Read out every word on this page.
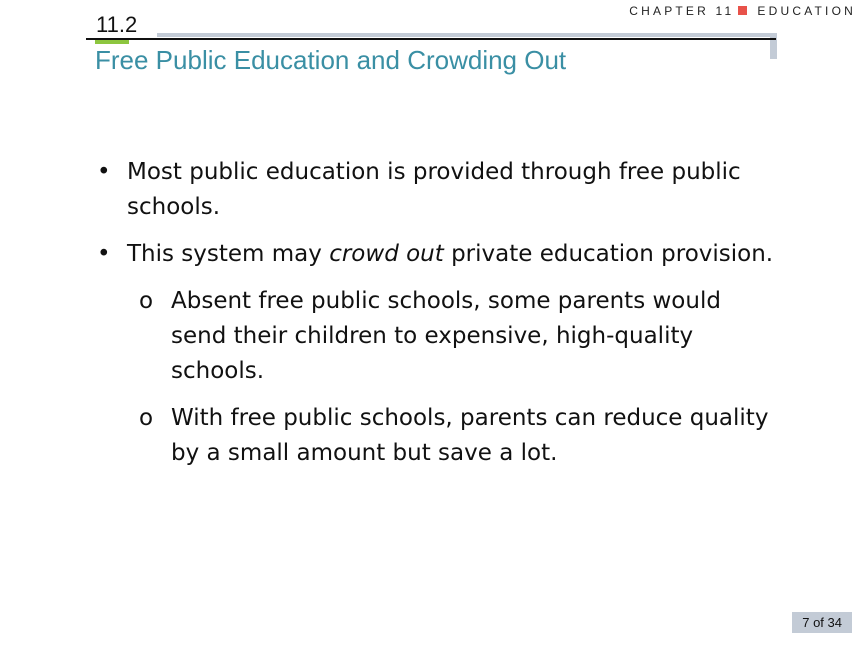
CHAPTER 11 EDUCATION
11.2
Free Public Education and Crowding Out
• Most public education is provided through free public schools.
• This system may crowd out private education provision.
o Absent free public schools, some parents would send their children to expensive, high-quality schools.
o With free public schools, parents can reduce quality by a small amount but save a lot.
7 of 34
